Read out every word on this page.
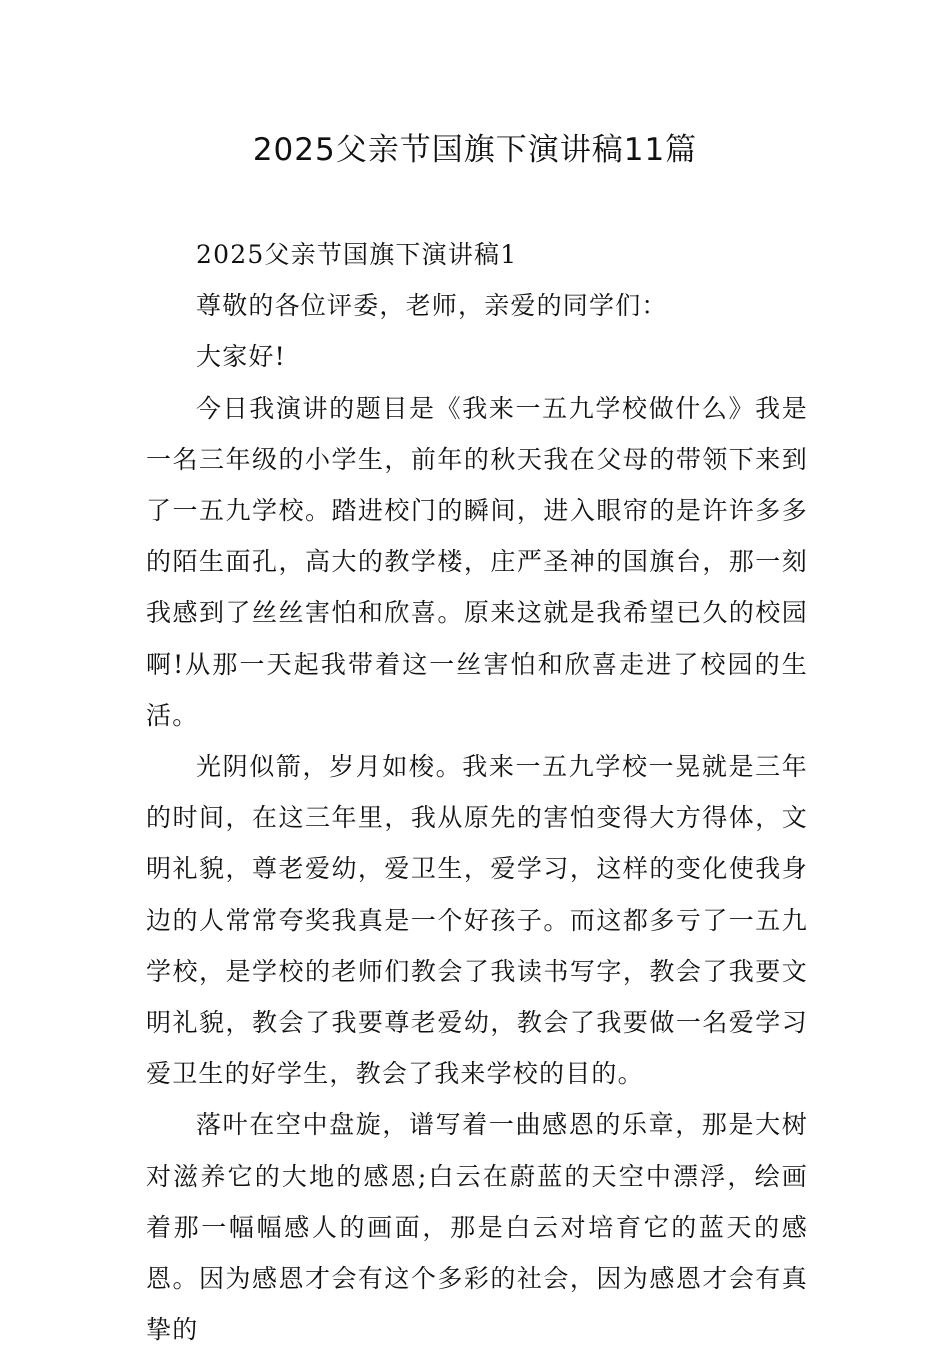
2025父亲节国旗下演讲稿11篇

2025父亲节国旗下演讲稿1

尊敬的各位评委，老师，亲爱的同学们：

大家好!

今日我演讲的题目是《我来一五九学校做什么》我是一名三年级的小学生，前年的秋天我在父母的带领下来到了一五九学校。踏进校门的瞬间，进入眼帘的是许许多多的陌生面孔，高大的教学楼，庄严圣神的国旗台，那一刻我感到了丝丝害怕和欣喜。原来这就是我希望已久的校园啊!从那一天起我带着这一丝害怕和欣喜走进了校园的生活。

光阴似箭，岁月如梭。我来一五九学校一晃就是三年的时间，在这三年里，我从原先的害怕变得大方得体，文明礼貌，尊老爱幼，爱卫生，爱学习，这样的变化使我身边的人常常夸奖我真是一个好孩子。而这都多亏了一五九学校，是学校的老师们教会了我读书写字，教会了我要文明礼貌，教会了我要尊老爱幼，教会了我要做一名爱学习爱卫生的好学生，教会了我来学校的目的。

落叶在空中盘旋，谱写着一曲感恩的乐章，那是大树对滋养它的大地的感恩;白云在蔚蓝的天空中漂浮，绘画着那一幅幅感人的画面，那是白云对培育它的蓝天的感恩。因为感恩才会有这个多彩的社会，因为感恩才会有真挚的
